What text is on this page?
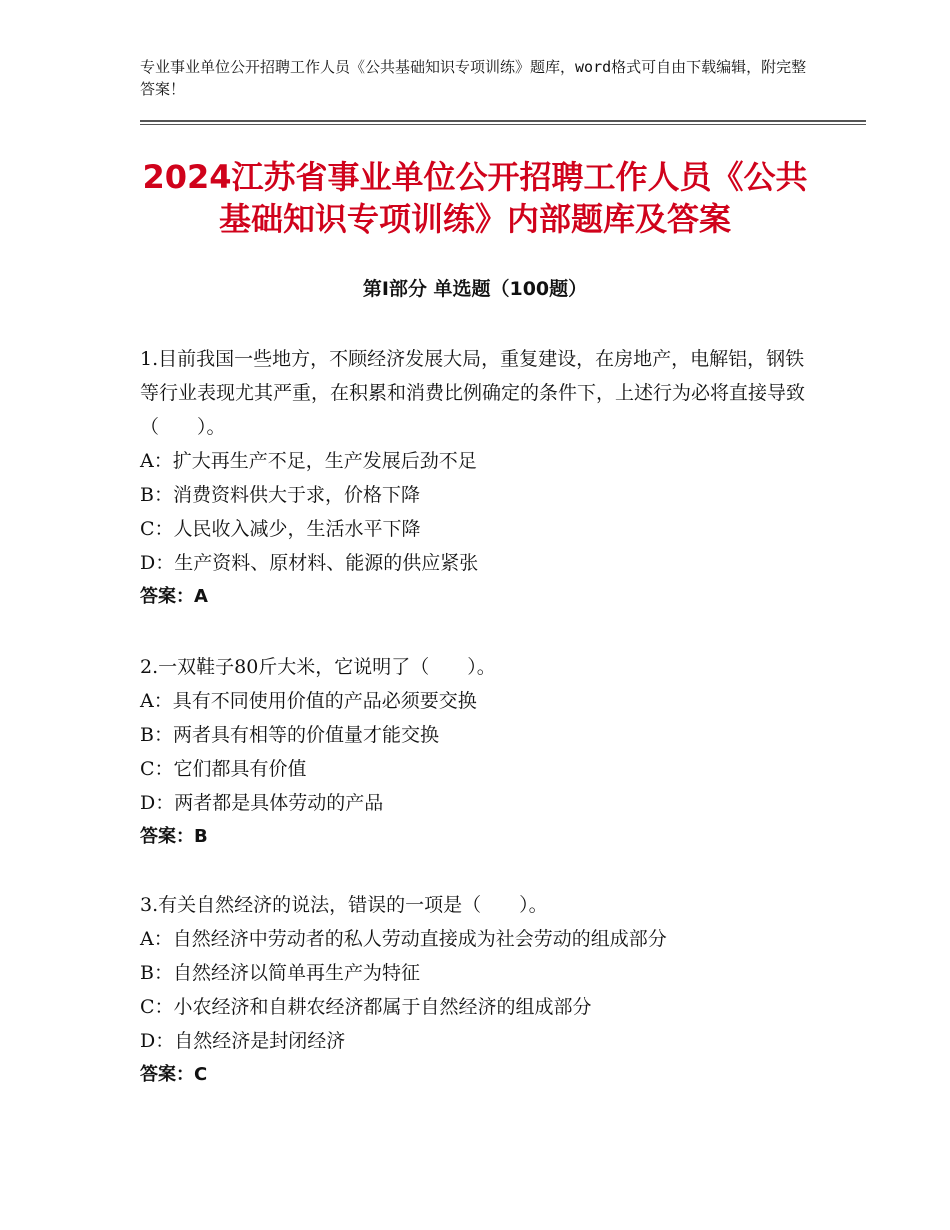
专业事业单位公开招聘工作人员《公共基础知识专项训练》题库，word格式可自由下载编辑，附完整答案！
2024江苏省事业单位公开招聘工作人员《公共基础知识专项训练》内部题库及答案
第Ⅰ部分 单选题（100题）
1.目前我国一些地方，不顾经济发展大局，重复建设，在房地产，电解铝，钢铁等行业表现尤其严重，在积累和消费比例确定的条件下，上述行为必将直接导致（　　）。
A：扩大再生产不足，生产发展后劲不足
B：消费资料供大于求，价格下降
C：人民收入减少，生活水平下降
D：生产资料、原材料、能源的供应紧张
答案：A
2.一双鞋子80斤大米，它说明了（　　）。
A：具有不同使用价值的产品必须要交换
B：两者具有相等的价值量才能交换
C：它们都具有价值
D：两者都是具体劳动的产品
答案：B
3.有关自然经济的说法，错误的一项是（　　）。
A：自然经济中劳动者的私人劳动直接成为社会劳动的组成部分
B：自然经济以简单再生产为特征
C：小农经济和自耕农经济都属于自然经济的组成部分
D：自然经济是封闭经济
答案：C
